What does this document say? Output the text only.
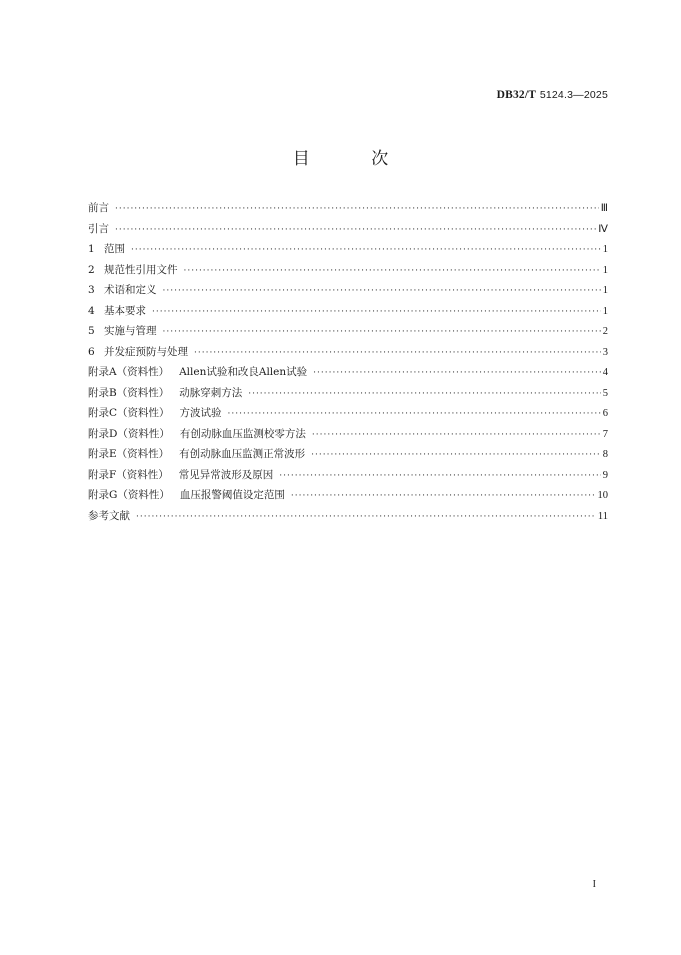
DB32/T 5124.3—2025
目 次
前言 ·····	Ⅲ
引言 ·····	Ⅳ
1 范围 ·····	1
2 规范性引用文件 ·····	1
3 术语和定义 ·····	1
4 基本要求 ·····	1
5 实施与管理 ·····	2
6 并发症预防与处理 ·····	3
附录A（资料性） Allen试验和改良Allen试验 ·····	4
附录B（资料性） 动脉穿刺方法 ·····	5
附录C（资料性） 方波试验 ·····	6
附录D（资料性） 有创动脉血压监测校零方法 ·····	7
附录E（资料性） 有创动脉血压监测正常波形 ·····	8
附录F（资料性） 常见异常波形及原因 ·····	9
附录G（资料性） 血压报警阈值设定范围 ·····	10
参考文献 ·····	11
I
